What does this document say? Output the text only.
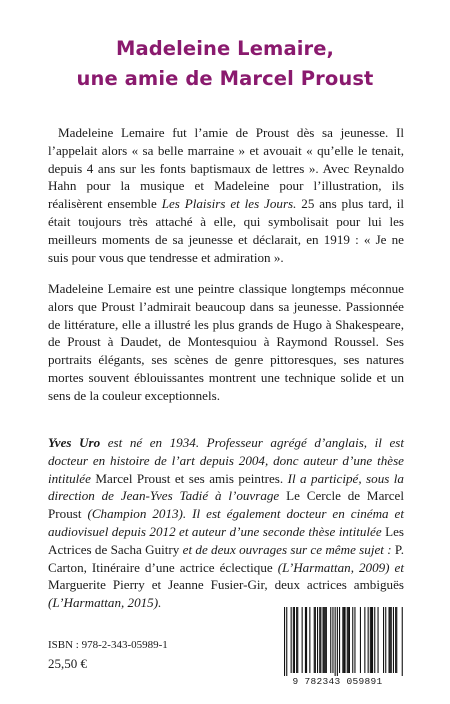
Madeleine Lemaire,
une amie de Marcel Proust

Madeleine Lemaire fut l’amie de Proust dès sa jeunesse. Il l’appelait alors « sa belle marraine » et avouait « qu’elle le tenait, depuis 4 ans sur les fonts baptismaux de lettres ». Avec Reynaldo Hahn pour la musique et Madeleine pour l’illustration, ils réalisèrent ensemble Les Plaisirs et les Jours. 25 ans plus tard, il était toujours très attaché à elle, qui symbolisait pour lui les meilleurs moments de sa jeunesse et déclarait, en 1919 : « Je ne suis pour vous que tendresse et admiration ».

Madeleine Lemaire est une peintre classique longtemps méconnue alors que Proust l’admirait beaucoup dans sa jeunesse. Passionnée de littérature, elle a illustré les plus grands de Hugo à Shakespeare, de Proust à Daudet, de Montesquiou à Raymond Roussel. Ses portraits élégants, ses scènes de genre pittoresques, ses natures mortes souvent éblouissantes montrent une technique solide et un sens de la couleur exceptionnels.

Yves Uro est né en 1934. Professeur agrégé d’anglais, il est docteur en histoire de l’art depuis 2004, donc auteur d’une thèse intitulée Marcel Proust et ses amis peintres. Il a participé, sous la direction de Jean-Yves Tadié à l’ouvrage Le Cercle de Marcel Proust (Champion 2013). Il est également docteur en cinéma et audiovisuel depuis 2012 et auteur d’une seconde thèse intitulée Les Actrices de Sacha Guitry et de deux ouvrages sur ce même sujet : P. Carton, Itinéraire d’une actrice éclectique (L’Harmattan, 2009) et Marguerite Pierry et Jeanne Fusier-Gir, deux actrices ambiguës (L’Harmattan, 2015).

ISBN : 978-2-343-05989-1
25,50 €
9 782343 059891
